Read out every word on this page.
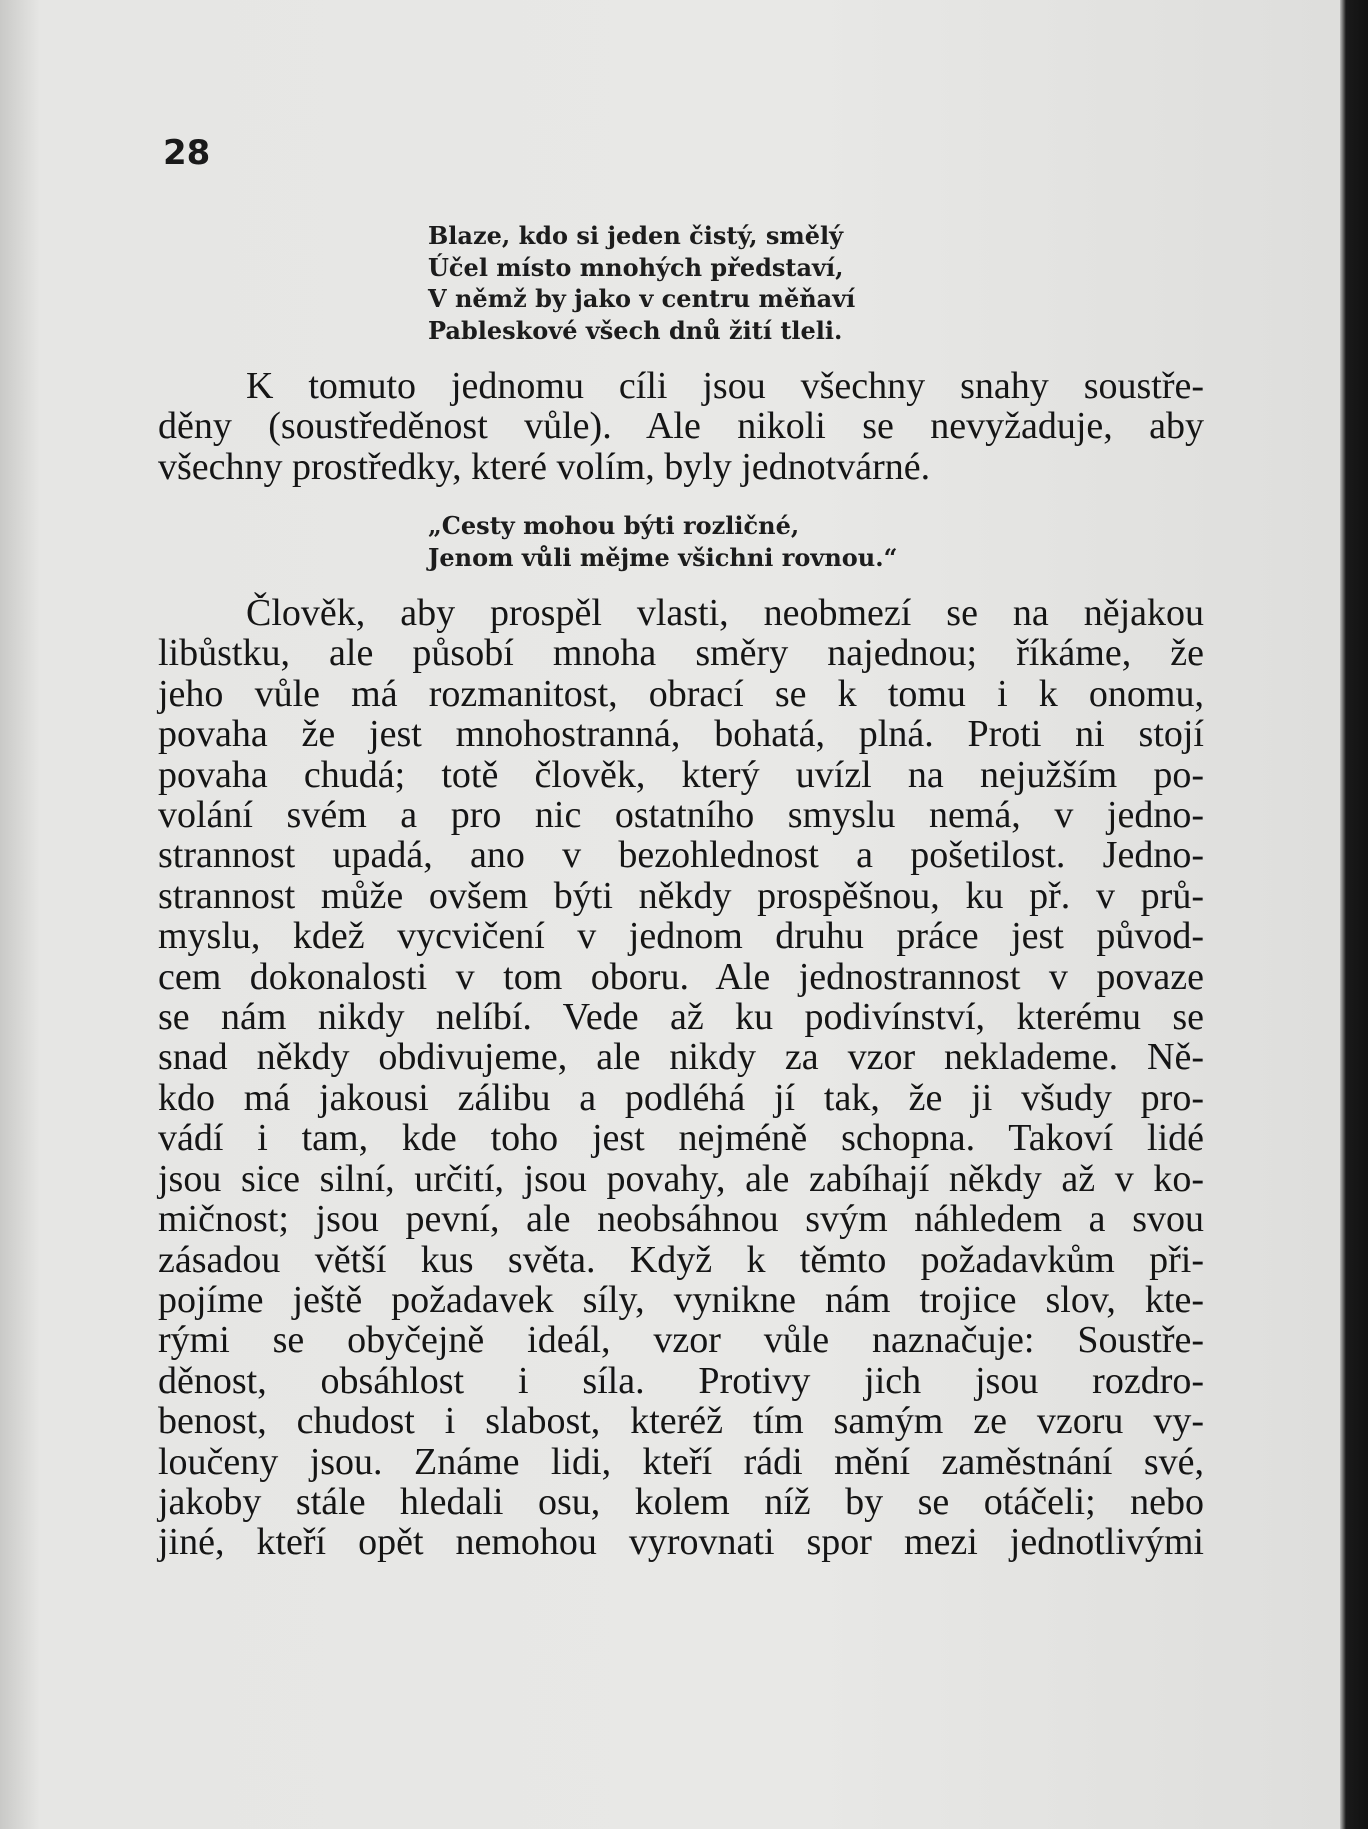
28
Blaze, kdo si jeden čistý, smělý
Účel místo mnohých představí,
V němž by jako v centru měňaví
Pableskové všech dnů žití tleli.
K tomuto jednomu cíli jsou všechny snahy soustře-
děny (soustředěnost vůle). Ale nikoli se nevyžaduje, aby
všechny prostředky, které volím, byly jednotvárné.
„Cesty mohou býti rozličné,
Jenom vůli mějme všichni rovnou.“
Člověk, aby prospěl vlasti, neobmezí se na nějakou
libůstku, ale působí mnoha směry najednou; říkáme, že
jeho vůle má rozmanitost, obrací se k tomu i k onomu,
povaha že jest mnohostranná, bohatá, plná. Proti ni stojí
povaha chudá; totě člověk, který uvízl na nejužším po-
volání svém a pro nic ostatního smyslu nemá, v jedno-
strannost upadá, ano v bezohlednost a pošetilost. Jedno-
strannost může ovšem býti někdy prospěšnou, ku př. v prů-
myslu, kdež vycvičení v jednom druhu práce jest původ-
cem dokonalosti v tom oboru. Ale jednostrannost v povaze
se nám nikdy nelíbí. Vede až ku podivínství, kterému se
snad někdy obdivujeme, ale nikdy za vzor neklademe. Ně-
kdo má jakousi zálibu a podléhá jí tak, že ji všudy pro-
vádí i tam, kde toho jest nejméně schopna. Takoví lidé
jsou sice silní, určití, jsou povahy, ale zabíhají někdy až v ko-
mičnost; jsou pevní, ale neobsáhnou svým náhledem a svou
zásadou větší kus světa. Když k těmto požadavkům při-
pojíme ještě požadavek síly, vynikne nám trojice slov, kte-
rými se obyčejně ideál, vzor vůle naznačuje: Soustře-
děnost, obsáhlost i síla. Protivy jich jsou rozdro-
benost, chudost i slabost, kteréž tím samým ze vzoru vy-
loučeny jsou. Známe lidi, kteří rádi mění zaměstnání své,
jakoby stále hledali osu, kolem níž by se otáčeli; nebo
jiné, kteří opět nemohou vyrovnati spor mezi jednotlivými
